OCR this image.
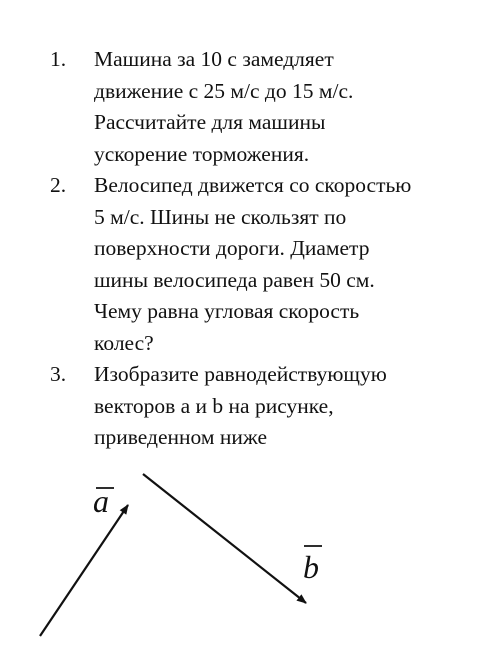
1. Машина за 10 с замедляет
движение с 25 м/с до 15 м/с.
Рассчитайте для машины
ускорение торможения.
2. Велосипед движется со скоростью
5 м/с. Шины не скользят по
поверхности дороги. Диаметр
шины велосипеда равен 50 см.
Чему равна угловая скорость
колес?
3. Изобразите равнодействующую
векторов a и b на рисунке,
приведенном ниже
a
b
